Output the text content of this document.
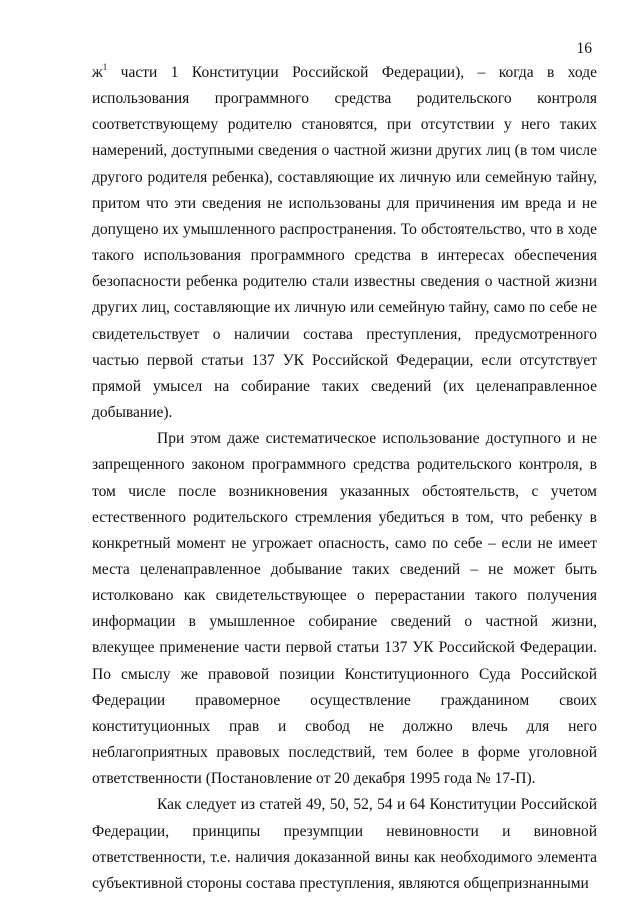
16

$ж^1$ части 1 Конституции Российской Федерации), – когда в ходе использования программного средства родительского контроля соответствующему родителю становятся, при отсутствии у него таких намерений, доступными сведения о частной жизни других лиц (в том числе другого родителя ребенка), составляющие их личную или семейную тайну, притом что эти сведения не использованы для причинения им вреда и не допущено их умышленного распространения. То обстоятельство, что в ходе такого использования программного средства в интересах обеспечения безопасности ребенка родителю стали известны сведения о частной жизни других лиц, составляющие их личную или семейную тайну, само по себе не свидетельствует о наличии состава преступления, предусмотренного частью первой статьи 137 УК Российской Федерации, если отсутствует прямой умысел на собирание таких сведений (их целенаправленное добывание).

При этом даже систематическое использование доступного и не запрещенного законом программного средства родительского контроля, в том числе после возникновения указанных обстоятельств, с учетом естественного родительского стремления убедиться в том, что ребенку в конкретный момент не угрожает опасность, само по себе – если не имеет места целенаправленное добывание таких сведений – не может быть истолковано как свидетельствующее о перерастании такого получения информации в умышленное собирание сведений о частной жизни, влекущее применение части первой статьи 137 УК Российской Федерации. По смыслу же правовой позиции Конституционного Суда Российской Федерации правомерное осуществление гражданином своих конституционных прав и свобод не должно влечь для него неблагоприятных правовых последствий, тем более в форме уголовной ответственности (Постановление от 20 декабря 1995 года № 17-П).

Как следует из статей 49, 50, 52, 54 и 64 Конституции Российской Федерации, принципы презумпции невиновности и виновной ответственности, т.е. наличия доказанной вины как необходимого элемента субъективной стороны состава преступления, являются общепризнанными
